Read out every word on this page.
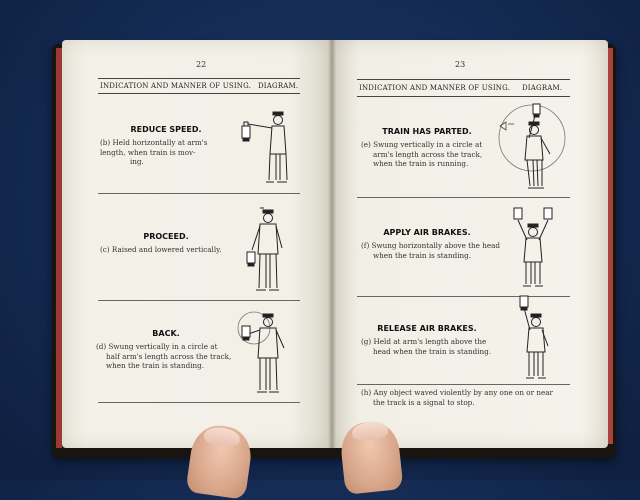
22
INDICATION AND MANNER OF USING. DIAGRAM.
REDUCE SPEED.
(b) Held horizontally at arm's
length, when train is mov-
ing.
PROCEED.
(c) Raised and lowered vertically.
BACK.
(d) Swung vertically in a circle at
half arm's length across the track,
when the train is standing.
23
INDICATION AND MANNER OF USING. DIAGRAM.
TRAIN HAS PARTED.
(e) Swung vertically in a circle at
arm's length across the track,
when the train is running.
APPLY AIR BRAKES.
(f) Swung horizontally above the head
when the train is standing.
RELEASE AIR BRAKES.
(g) Held at arm's length above the
head when the train is standing.
(h) Any object waved violently by any one on or near
the track is a signal to stop.
